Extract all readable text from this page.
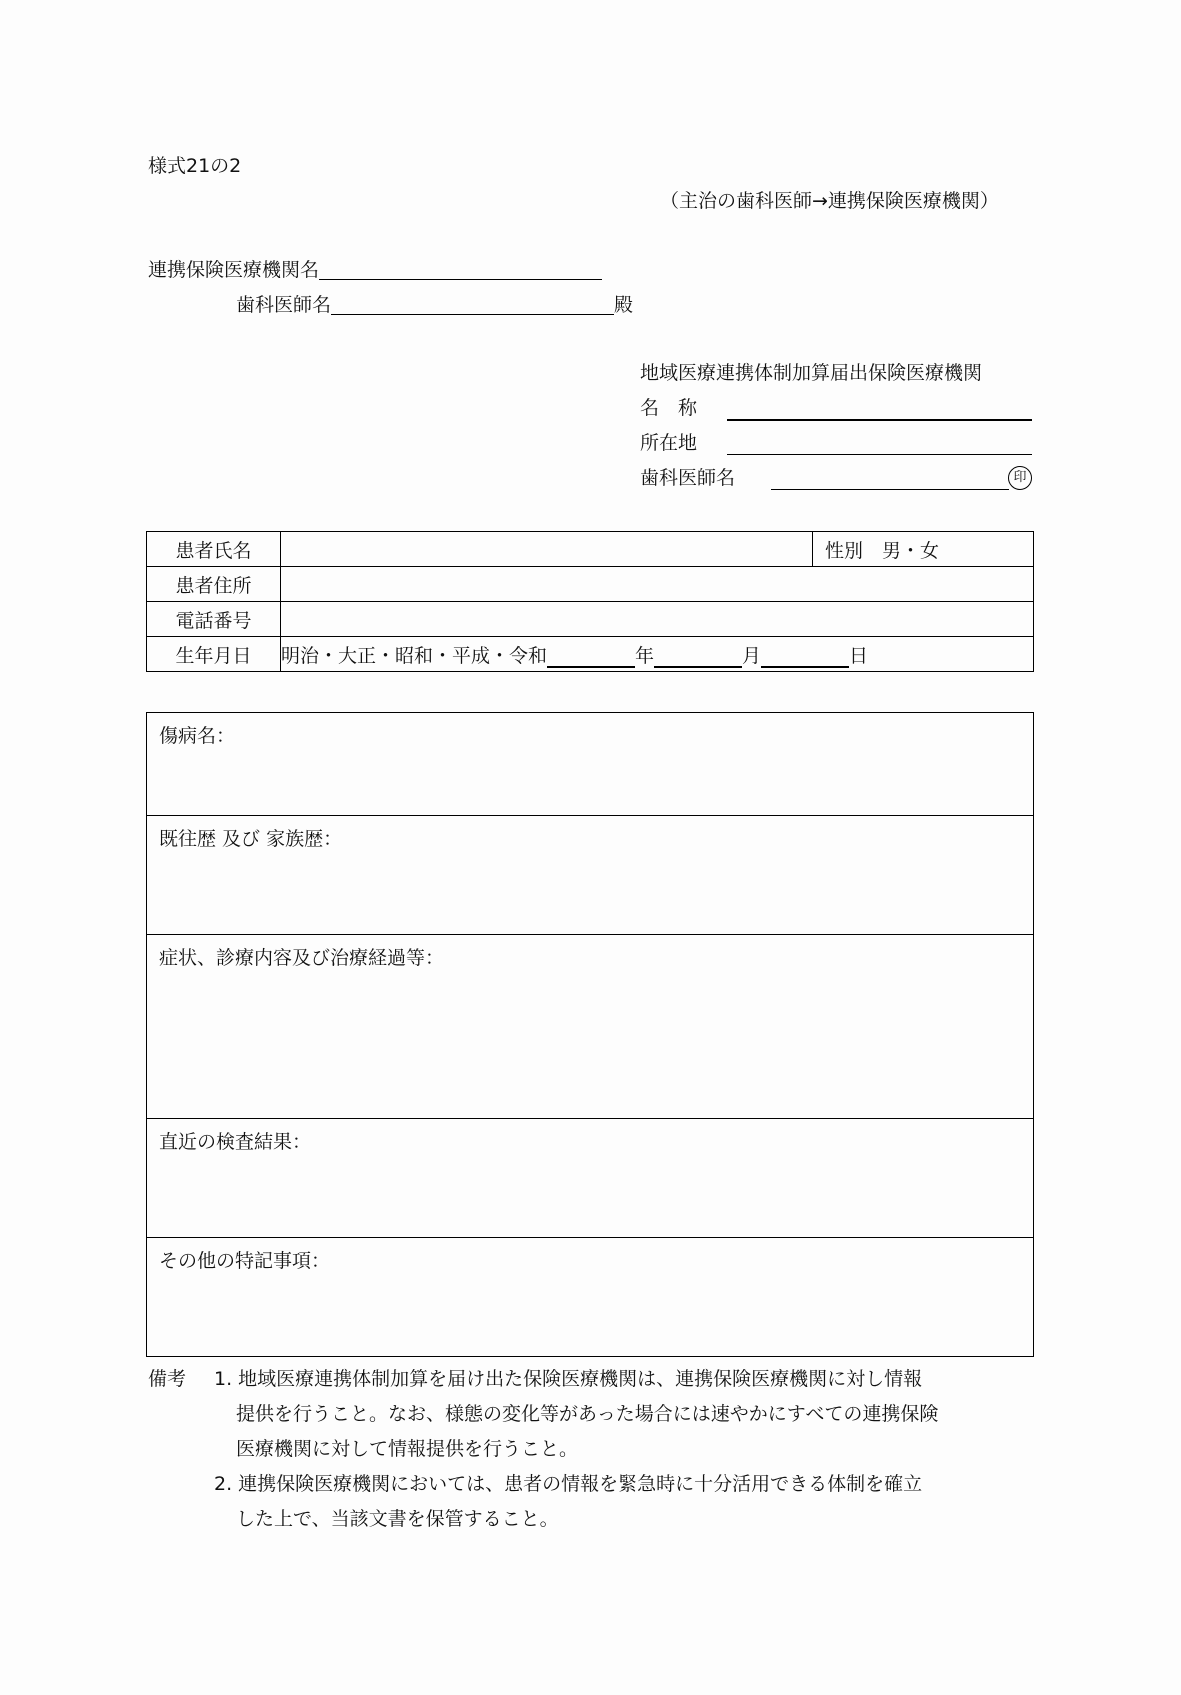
様式21の2
（主治の歯科医師→連携保険医療機関）
連携保険医療機関名
歯科医師名	殿
地域医療連携体制加算届出保険医療機関
名　称
所在地
歯科医師名	印
患者氏名		性別　男・女
患者住所		
電話番号		
生年月日	明治・大正・昭和・平成・令和 年 月 日	
傷病名：
既往歴 及び 家族歴：
症状、診療内容及び治療経過等：
直近の検査結果：
その他の特記事項：
備考	1. 地域医療連携体制加算を届け出た保険医療機関は、連携保険医療機関に対し情報
提供を行うこと。なお、様態の変化等があった場合には速やかにすべての連携保険
医療機関に対して情報提供を行うこと。
2. 連携保険医療機関においては、患者の情報を緊急時に十分活用できる体制を確立
した上で、当該文書を保管すること。
